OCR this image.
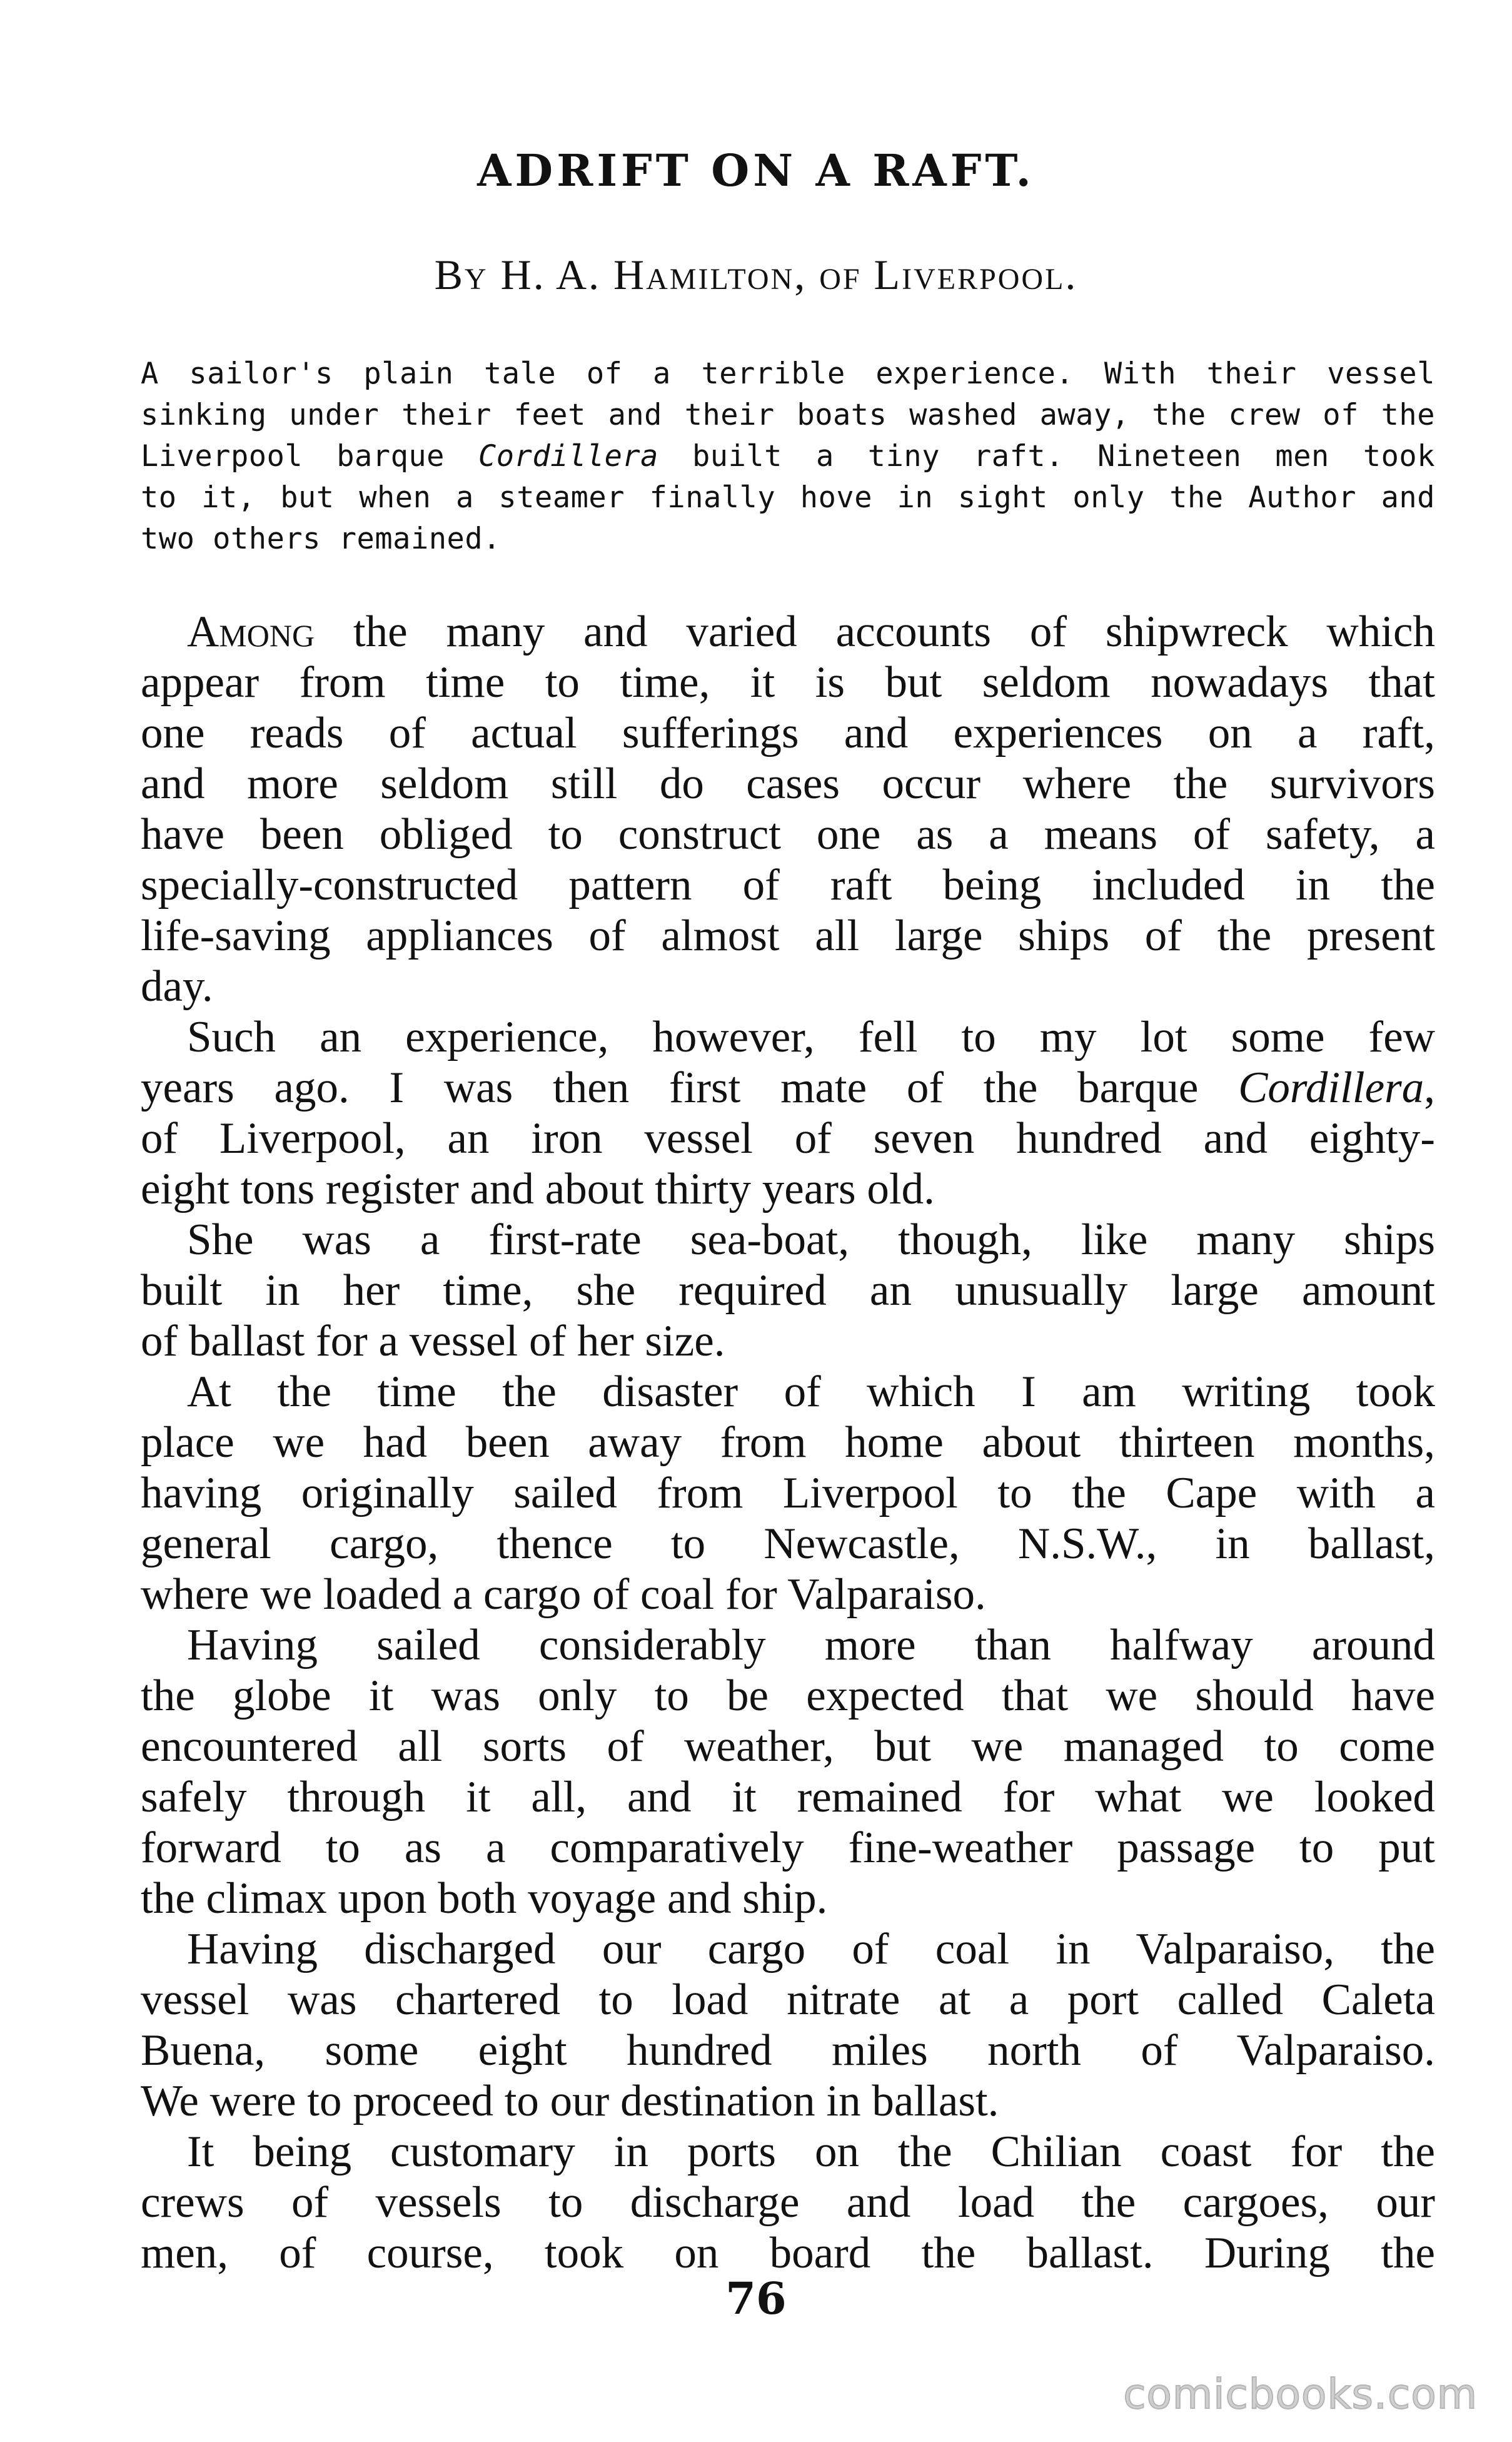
ADRIFT ON A RAFT.

By H. A. Hamilton, of Liverpool.

A sailor's plain tale of a terrible experience. With their vessel
sinking under their feet and their boats washed away, the crew of the
Liverpool barque Cordillera built a tiny raft. Nineteen men took
to it, but when a steamer finally hove in sight only the Author and
two others remained.
Among the many and varied accounts of shipwreck which
appear from time to time, it is but seldom nowadays that
one reads of actual sufferings and experiences on a raft,
and more seldom still do cases occur where the survivors
have been obliged to construct one as a means of safety, a
specially-constructed pattern of raft being included in the
life-saving appliances of almost all large ships of the present
day.
Such an experience, however, fell to my lot some few
years ago. I was then first mate of the barque Cordillera,
of Liverpool, an iron vessel of seven hundred and eighty-
eight tons register and about thirty years old.
She was a first-rate sea-boat, though, like many ships
built in her time, she required an unusually large amount
of ballast for a vessel of her size.
At the time the disaster of which I am writing took
place we had been away from home about thirteen months,
having originally sailed from Liverpool to the Cape with a
general cargo, thence to Newcastle, N.S.W., in ballast,
where we loaded a cargo of coal for Valparaiso.
Having sailed considerably more than halfway around
the globe it was only to be expected that we should have
encountered all sorts of weather, but we managed to come
safely through it all, and it remained for what we looked
forward to as a comparatively fine-weather passage to put
the climax upon both voyage and ship.
Having discharged our cargo of coal in Valparaiso, the
vessel was chartered to load nitrate at a port called Caleta
Buena, some eight hundred miles north of Valparaiso.
We were to proceed to our destination in ballast.
It being customary in ports on the Chilian coast for the
crews of vessels to discharge and load the cargoes, our
men, of course, took on board the ballast. During the

76

comicbooks.com
